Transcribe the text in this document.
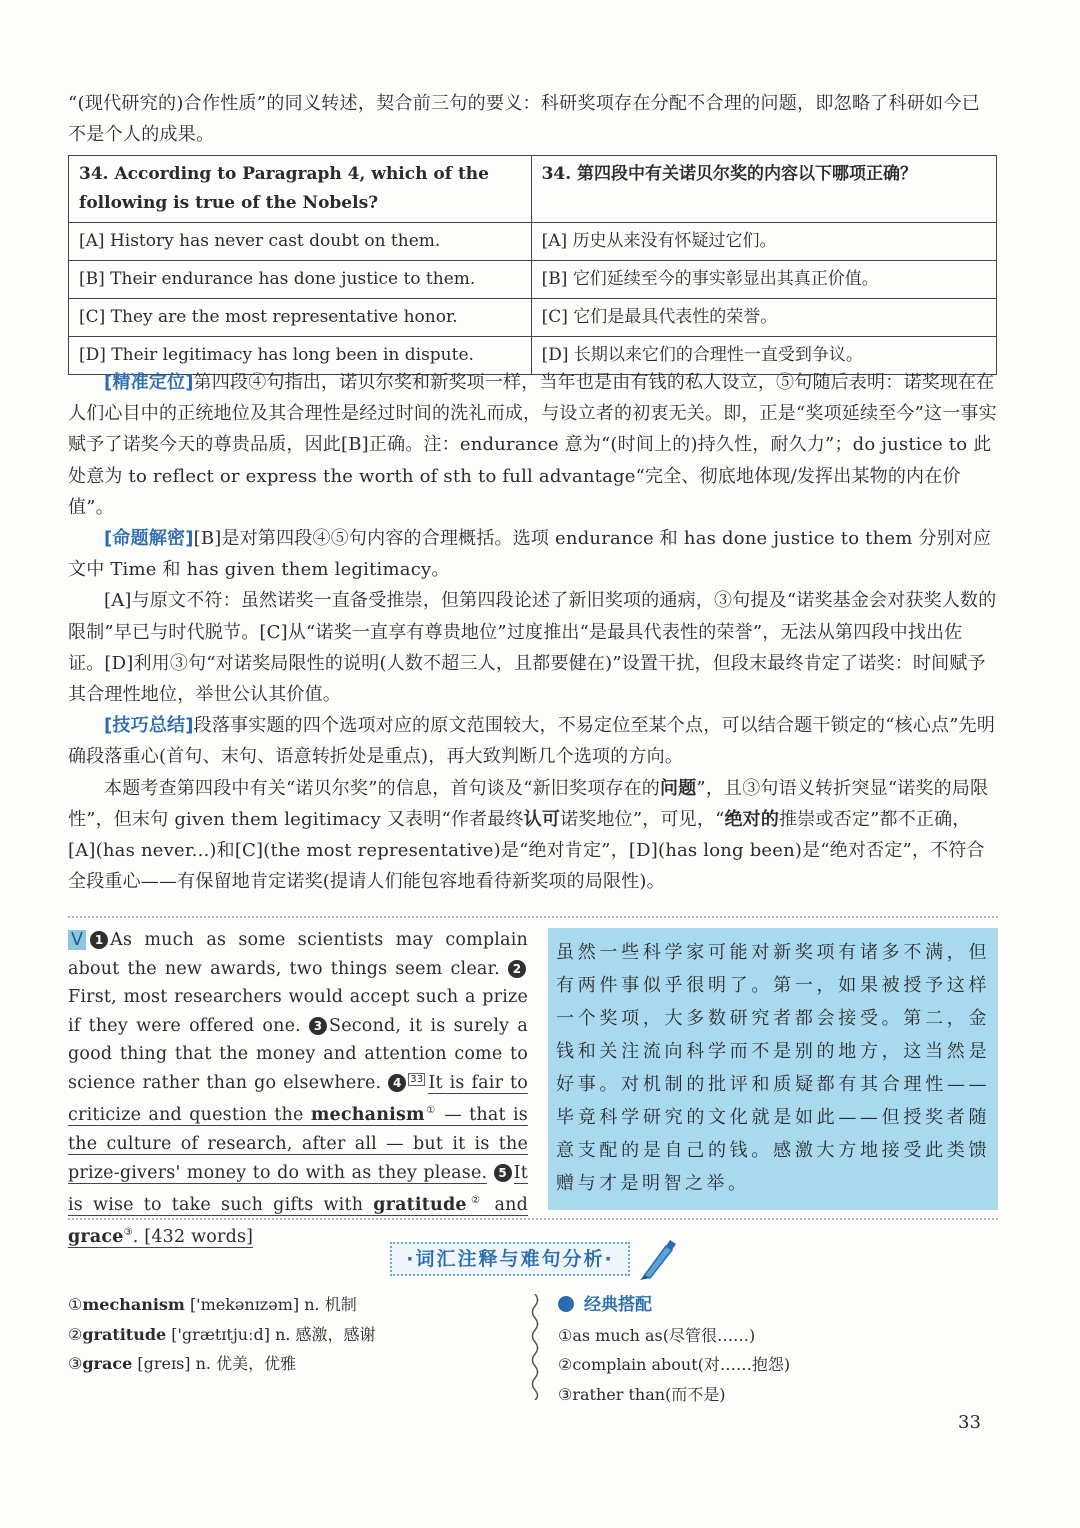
“(现代研究的)合作性质”的同义转述，契合前三句的要义：科研奖项存在分配不合理的问题，即忽略了科研如今已不是个人的成果。

34. According to Paragraph 4, which of the following is true of the Nobels?	34. 第四段中有关诺贝尔奖的内容以下哪项正确？
[A] History has never cast doubt on them.	[A] 历史从来没有怀疑过它们。
[B] Their endurance has done justice to them.	[B] 它们延续至今的事实彰显出其真正价值。
[C] They are the most representative honor.	[C] 它们是最具代表性的荣誉。
[D] Their legitimacy has long been in dispute.	[D] 长期以来它们的合理性一直受到争议。

[精准定位]第四段④句指出，诺贝尔奖和新奖项一样，当年也是由有钱的私人设立，⑤句随后表明：诺奖现在在人们心目中的正统地位及其合理性是经过时间的洗礼而成，与设立者的初衷无关。即，正是“奖项延续至今”这一事实赋予了诺奖今天的尊贵品质，因此[B]正确。注：endurance 意为“(时间上的)持久性，耐久力”；do justice to 此处意为 to reflect or express the worth of sth to full advantage“完全、彻底地体现/发挥出某物的内在价值”。

[命题解密][B]是对第四段④⑤句内容的合理概括。选项 endurance 和 has done justice to them 分别对应文中 Time 和 has given them legitimacy。

[A]与原文不符：虽然诺奖一直备受推崇，但第四段论述了新旧奖项的通病，③句提及“诺奖基金会对获奖人数的限制”早已与时代脱节。[C]从“诺奖一直享有尊贵地位”过度推出“是最具代表性的荣誉”，无法从第四段中找出佐证。[D]利用③句“对诺奖局限性的说明(人数不超三人，且都要健在)”设置干扰，但段末最终肯定了诺奖：时间赋予其合理性地位，举世公认其价值。

[技巧总结]段落事实题的四个选项对应的原文范围较大，不易定位至某个点，可以结合题干锁定的“核心点”先明确段落重心(首句、末句、语意转折处是重点)，再大致判断几个选项的方向。

本题考查第四段中有关“诺贝尔奖”的信息，首句谈及“新旧奖项存在的问题”，且③句语义转折突显“诺奖的局限性”，但末句 given them legitimacy 又表明“作者最终认可诺奖地位”，可见，“绝对的推崇或否定”都不正确，[A](has never...)和[C](the most representative)是“绝对肯定”，[D](has long been)是“绝对否定”，不符合全段重心——有保留地肯定诺奖(提请人们能包容地看待新奖项的局限性)。

V 1 As much as some scientists may complain about the new awards, two things seem clear. 2First, most researchers would accept such a prize if they were offered one. 3 Second, it is surely a good thing that the money and attention come to science rather than go elsewhere. 4 33 It is fair to criticize and question the mechanism① — that is the culture of research, after all — but it is the prize-givers' money to do with as they please. 5 It is wise to take such gifts with gratitude② and grace③. [432 words]
虽然一些科学家可能对新奖项有诸多不满，但有两件事似乎很明了。第一，如果被授予这样一个奖项，大多数研究者都会接受。第二，金钱和关注流向科学而不是别的地方，这当然是好事。对机制的批评和质疑都有其合理性——毕竟科学研究的文化就是如此——但授奖者随意支配的是自己的钱。感激大方地接受此类馈赠与才是明智之举。
·词汇注释与难句分析·
①mechanism ['mekənɪzəm] n. 机制
②gratitude ['grætɪtjuːd] n. 感激，感谢
③grace [greɪs] n. 优美，优雅
经典搭配
①as much as(尽管很……)
②complain about(对……抱怨)
③rather than(而不是)
33
